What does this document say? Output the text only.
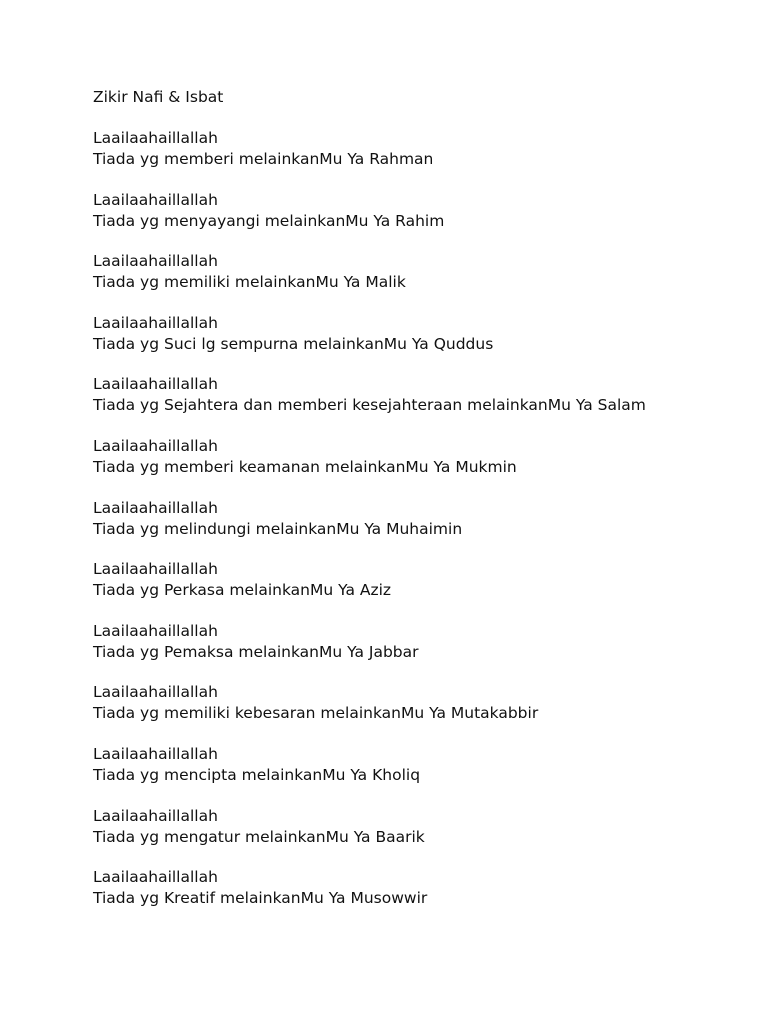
Zikir Nafi & Isbat
Laailaahaillallah
Tiada yg memberi melainkanMu Ya Rahman
Laailaahaillallah
Tiada yg menyayangi melainkanMu Ya Rahim
Laailaahaillallah
Tiada yg memiliki melainkanMu Ya Malik
Laailaahaillallah
Tiada yg Suci lg sempurna melainkanMu Ya Quddus
Laailaahaillallah
Tiada yg Sejahtera dan memberi kesejahteraan melainkanMu Ya Salam
Laailaahaillallah
Tiada yg memberi keamanan melainkanMu Ya Mukmin
Laailaahaillallah
Tiada yg melindungi melainkanMu Ya Muhaimin
Laailaahaillallah
Tiada yg Perkasa melainkanMu Ya Aziz
Laailaahaillallah
Tiada yg Pemaksa melainkanMu Ya Jabbar
Laailaahaillallah
Tiada yg memiliki kebesaran melainkanMu Ya Mutakabbir
Laailaahaillallah
Tiada yg mencipta melainkanMu Ya Kholiq
Laailaahaillallah
Tiada yg mengatur melainkanMu Ya Baarik
Laailaahaillallah
Tiada yg Kreatif melainkanMu Ya Musowwir
